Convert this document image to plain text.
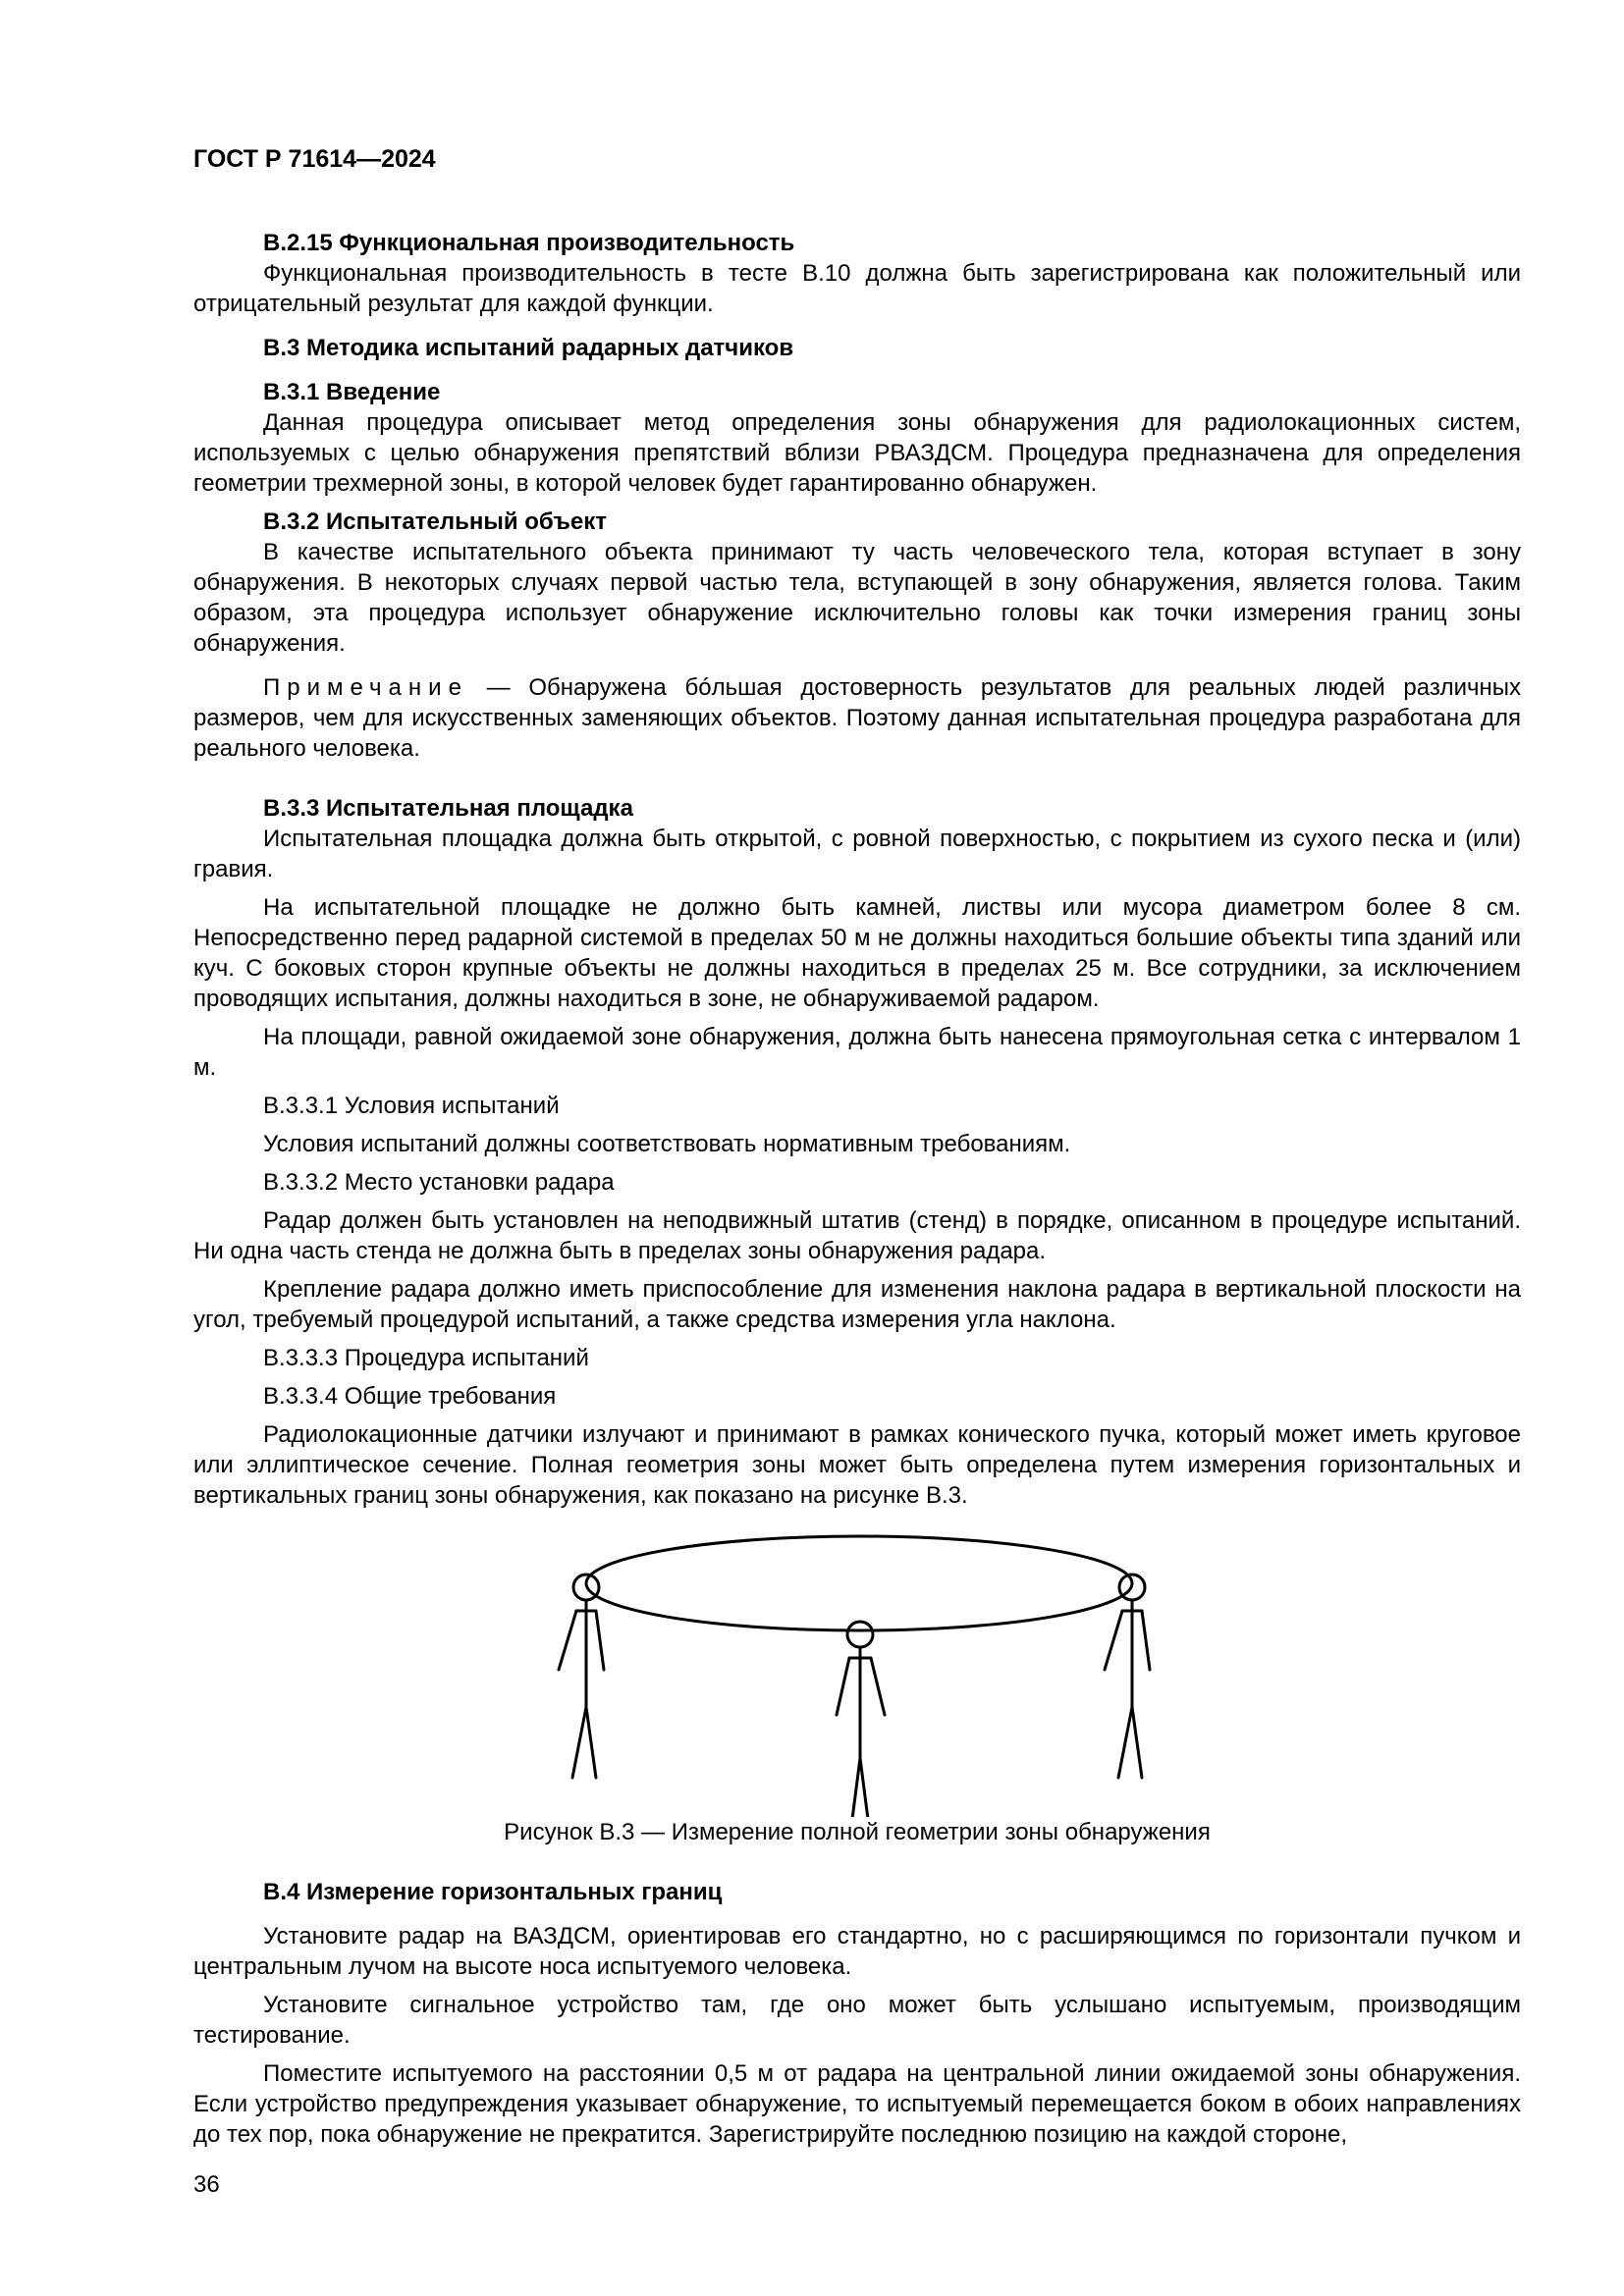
ГОСТ Р 71614—2024

В.2.15 Функциональная производительность

Функциональная производительность в тесте В.10 должна быть зарегистрирована как положительный или отрицательный результат для каждой функции.

В.3 Методика испытаний радарных датчиков

В.3.1 Введение

Данная процедура описывает метод определения зоны обнаружения для радиолокационных систем, используемых с целью обнаружения препятствий вблизи РВАЗДСМ. Процедура предназначена для определения геометрии трехмерной зоны, в которой человек будет гарантированно обнаружен.

В.3.2 Испытательный объект

В качестве испытательного объекта принимают ту часть человеческого тела, которая вступает в зону обнаружения. В некоторых случаях первой частью тела, вступающей в зону обнаружения, является голова. Таким образом, эта процедура использует обнаружение исключительно головы как точки измерения границ зоны обнаружения.

Примечание — Обнаружена бóльшая достоверность результатов для реальных людей различных размеров, чем для искусственных заменяющих объектов. Поэтому данная испытательная процедура разработана для реального человека.

В.3.3 Испытательная площадка

Испытательная площадка должна быть открытой, с ровной поверхностью, с покрытием из сухого песка и (или) гравия.

На испытательной площадке не должно быть камней, листвы или мусора диаметром более 8 см. Непосредственно перед радарной системой в пределах 50 м не должны находиться большие объекты типа зданий или куч. С боковых сторон крупные объекты не должны находиться в пределах 25 м. Все сотрудники, за исключением проводящих испытания, должны находиться в зоне, не обнаруживаемой радаром.

На площади, равной ожидаемой зоне обнаружения, должна быть нанесена прямоугольная сетка с интервалом 1 м.

В.3.3.1 Условия испытаний

Условия испытаний должны соответствовать нормативным требованиям.

В.3.3.2 Место установки радара

Радар должен быть установлен на неподвижный штатив (стенд) в порядке, описанном в процедуре испытаний. Ни одна часть стенда не должна быть в пределах зоны обнаружения радара.

Крепление радара должно иметь приспособление для изменения наклона радара в вертикальной плоскости на угол, требуемый процедурой испытаний, а также средства измерения угла наклона.

В.3.3.3 Процедура испытаний

В.3.3.4 Общие требования

Радиолокационные датчики излучают и принимают в рамках конического пучка, который может иметь круговое или эллиптическое сечение. Полная геометрия зоны может быть определена путем измерения горизонтальных и вертикальных границ зоны обнаружения, как показано на рисунке В.3.

Рисунок В.3 — Измерение полной геометрии зоны обнаружения

В.4 Измерение горизонтальных границ

Установите радар на ВАЗДСМ, ориентировав его стандартно, но с расширяющимся по горизонтали пучком и центральным лучом на высоте носа испытуемого человека.

Установите сигнальное устройство там, где оно может быть услышано испытуемым, производящим тестирование.

Поместите испытуемого на расстоянии 0,5 м от радара на центральной линии ожидаемой зоны обнаружения. Если устройство предупреждения указывает обнаружение, то испытуемый перемещается боком в обоих направлениях до тех пор, пока обнаружение не прекратится. Зарегистрируйте последнюю позицию на каждой стороне,

36
